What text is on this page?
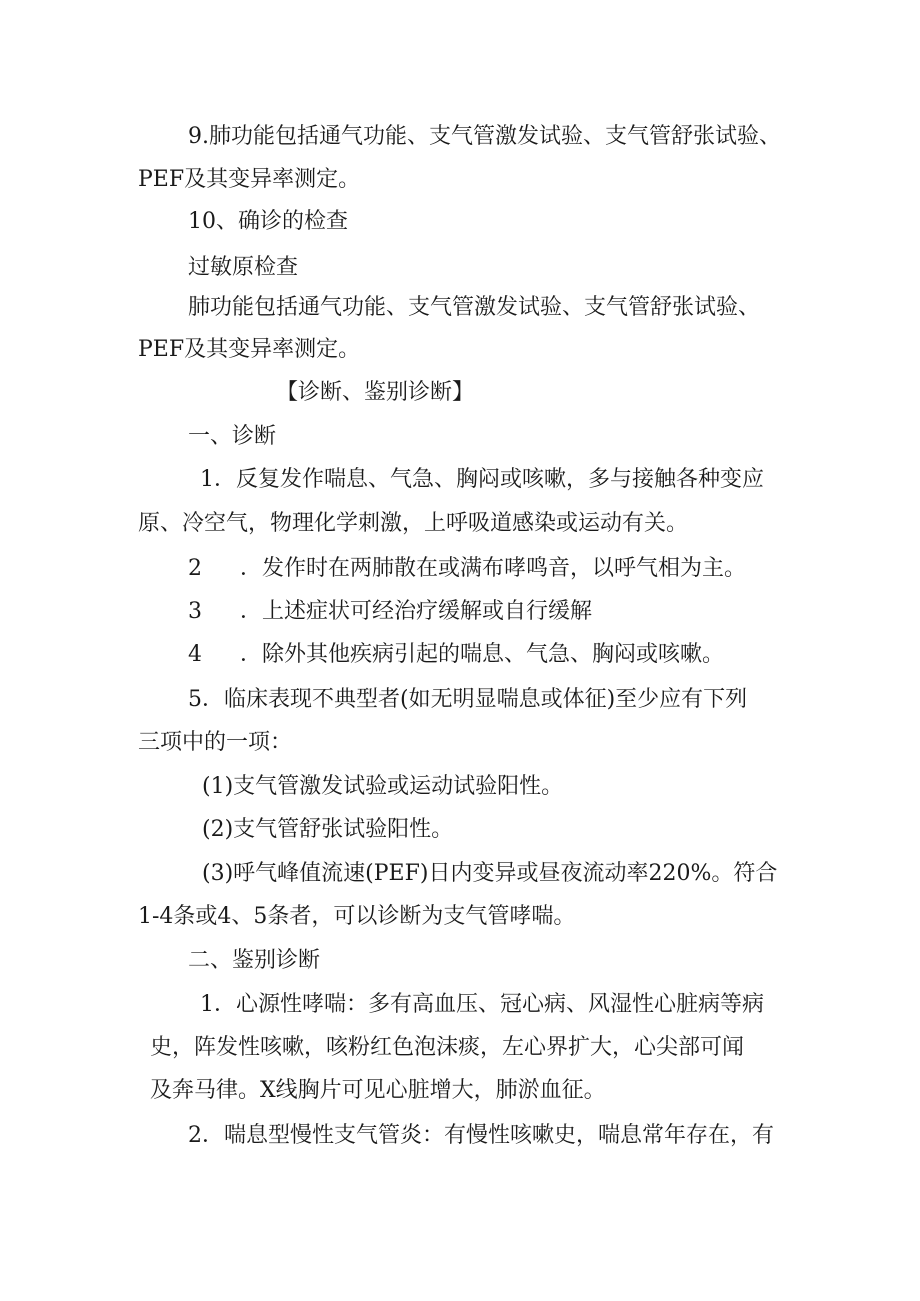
9.肺功能包括通气功能、支气管激发试验、支气管舒张试验、
PEF及其变异率测定。
10、确诊的检查
过敏原检查
肺功能包括通气功能、支气管激发试验、支气管舒张试验、
PEF及其变异率测定。
【诊断、鉴别诊断】
一、诊断
1．反复发作喘息、气急、胸闷或咳嗽，多与接触各种变应
原、冷空气，物理化学刺激，上呼吸道感染或运动有关。
2 ．发作时在两肺散在或满布哮鸣音，以呼气相为主。
3 ．上述症状可经治疗缓解或自行缓解
4 ．除外其他疾病引起的喘息、气急、胸闷或咳嗽。
5．临床表现不典型者(如无明显喘息或体征)至少应有下列
三项中的一项：
(1)支气管激发试验或运动试验阳性。
(2)支气管舒张试验阳性。
(3)呼气峰值流速(PEF)日内变异或昼夜流动率220%。符合
1-4条或4、5条者，可以诊断为支气管哮喘。
二、鉴别诊断
1．心源性哮喘：多有高血压、冠心病、风湿性心脏病等病
史，阵发性咳嗽，咳粉红色泡沫痰，左心界扩大，心尖部可闻
及奔马律。X线胸片可见心脏增大，肺淤血征。
2．喘息型慢性支气管炎：有慢性咳嗽史，喘息常年存在，有
